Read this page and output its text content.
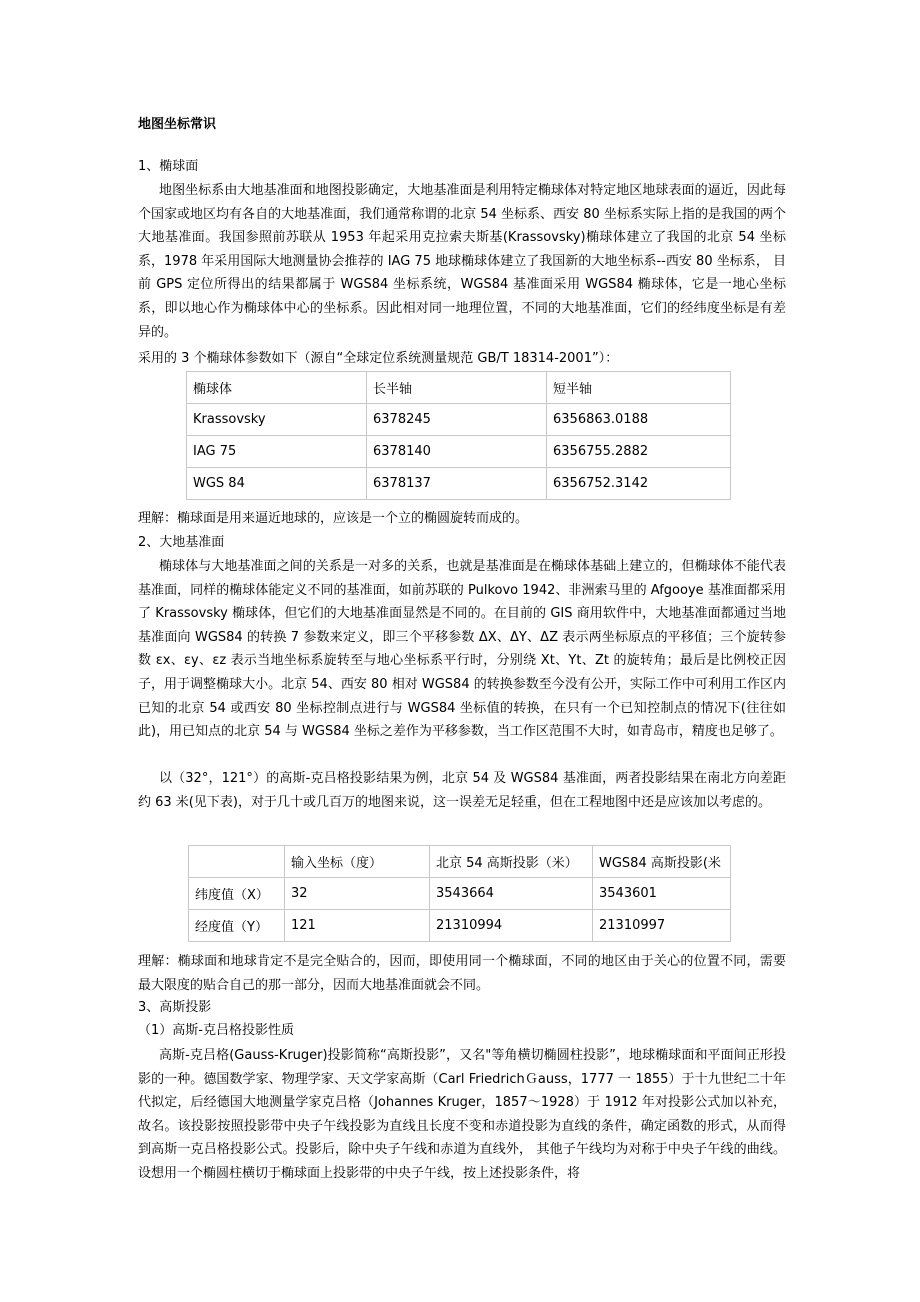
地图坐标常识
1、椭球面

地图坐标系由大地基准面和地图投影确定，大地基准面是利用特定椭球体对特定地区地球表面的逼近，因此每个国家或地区均有各自的大地基准面，我们通常称谓的北京 54 坐标系、西安 80 坐标系实际上指的是我国的两个大地基准面。我国参照前苏联从 1953 年起采用克拉索夫斯基(Krassovsky)椭球体建立了我国的北京 54 坐标系，1978 年采用国际大地测量协会推荐的 IAG 75 地球椭球体建立了我国新的大地坐标系--西安 80 坐标系， 目前 GPS 定位所得出的结果都属于 WGS84 坐标系统，WGS84 基准面采用 WGS84 椭球体，它是一地心坐标系，即以地心作为椭球体中心的坐标系。因此相对同一地理位置，不同的大地基准面，它们的经纬度坐标是有差异的。

采用的 3 个椭球体参数如下（源自“全球定位系统测量规范 GB/T 18314-2001”）：
椭球体	长半轴	短半轴
Krassovsky	6378245	6356863.0188
IAG 75	6378140	6356755.2882
WGS 84	6378137	6356752.3142
理解：椭球面是用来逼近地球的，应该是一个立的椭圆旋转而成的。
2、大地基准面

椭球体与大地基准面之间的关系是一对多的关系，也就是基准面是在椭球体基础上建立的，但椭球体不能代表基准面，同样的椭球体能定义不同的基准面，如前苏联的 Pulkovo 1942、非洲索马里的 Afgooye 基准面都采用了 Krassovsky 椭球体，但它们的大地基准面显然是不同的。在目前的 GIS 商用软件中，大地基准面都通过当地基准面向 WGS84 的转换 7 参数来定义，即三个平移参数 ΔX、ΔY、ΔZ 表示两坐标原点的平移值；三个旋转参数 εx、εy、εz 表示当地坐标系旋转至与地心坐标系平行时，分别绕 Xt、Yt、Zt 的旋转角；最后是比例校正因子，用于调整椭球大小。北京 54、西安 80 相对 WGS84 的转换参数至今没有公开，实际工作中可利用工作区内已知的北京 54 或西安 80 坐标控制点进行与 WGS84 坐标值的转换，在只有一个已知控制点的情况下(往往如此)，用已知点的北京 54 与 WGS84 坐标之差作为平移参数，当工作区范围不大时，如青岛市，精度也足够了。

以（32°，121°）的高斯-克吕格投影结果为例，北京 54 及 WGS84 基准面，两者投影结果在南北方向差距约 63 米(见下表)，对于几十或几百万的地图来说，这一误差无足轻重，但在工程地图中还是应该加以考虑的。

	输入坐标（度）	北京 54 高斯投影（米）	WGS84 高斯投影(米
纬度值（X）	32	3543664	3543601
经度值（Y）	121	21310994	21310997

理解：椭球面和地球肯定不是完全贴合的，因而，即使用同一个椭球面，不同的地区由于关心的位置不同，需要最大限度的贴合自己的那一部分，因而大地基准面就会不同。

3、高斯投影
（1）高斯-克吕格投影性质

高斯-克吕格(Gauss-Kruger)投影简称“高斯投影”，又名"等角横切椭圆柱投影”，地球椭球面和平面间正形投影的一种。德国数学家、物理学家、天文学家高斯（Carl FriedrichＧauss，1777 一 1855）于十九世纪二十年代拟定，后经德国大地测量学家克吕格（Johannes Kruger，1857～1928）于 1912 年对投影公式加以补充，故名。该投影按照投影带中央子午线投影为直线且长度不变和赤道投影为直线的条件，确定函数的形式，从而得到高斯一克吕格投影公式。投影后，除中央子午线和赤道为直线外， 其他子午线均为对称于中央子午线的曲线。设想用一个椭圆柱横切于椭球面上投影带的中央子午线，按上述投影条件，将
